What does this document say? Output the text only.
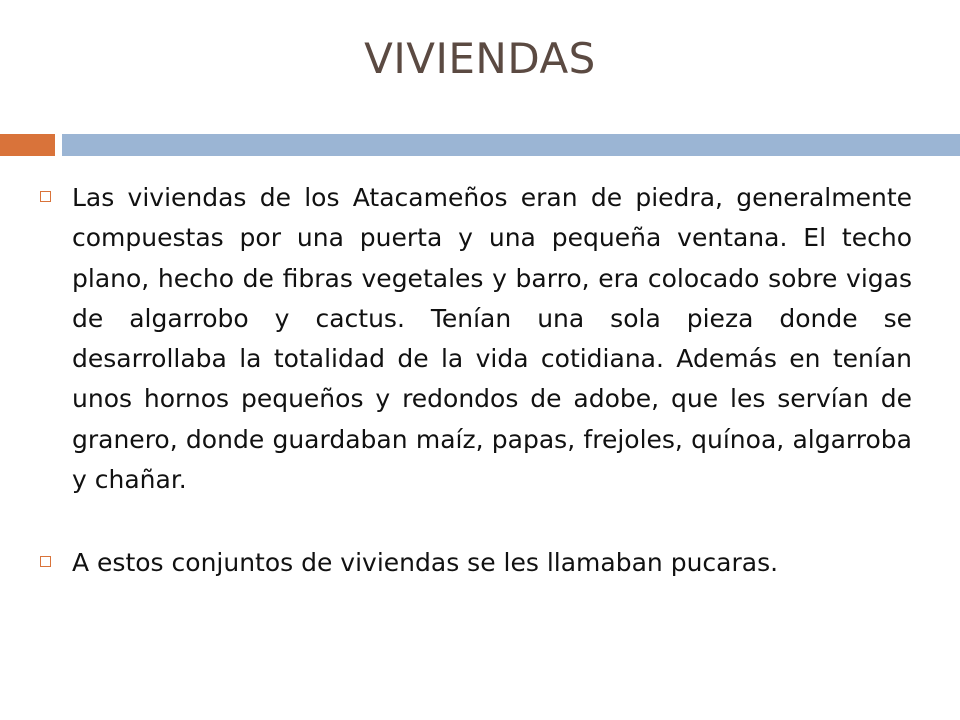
VIVIENDAS
Las viviendas de los Atacameños eran de piedra, generalmente compuestas por una puerta y una pequeña ventana. El techo plano, hecho de fibras vegetales y barro, era colocado sobre vigas de algarrobo y cactus. Tenían una sola pieza donde se desarrollaba la totalidad de la vida cotidiana. Además en tenían unos hornos pequeños y redondos de adobe, que les servían de granero, donde guardaban maíz, papas, frejoles, quínoa, algarroba y chañar.
A estos conjuntos de viviendas se les llamaban pucaras.
